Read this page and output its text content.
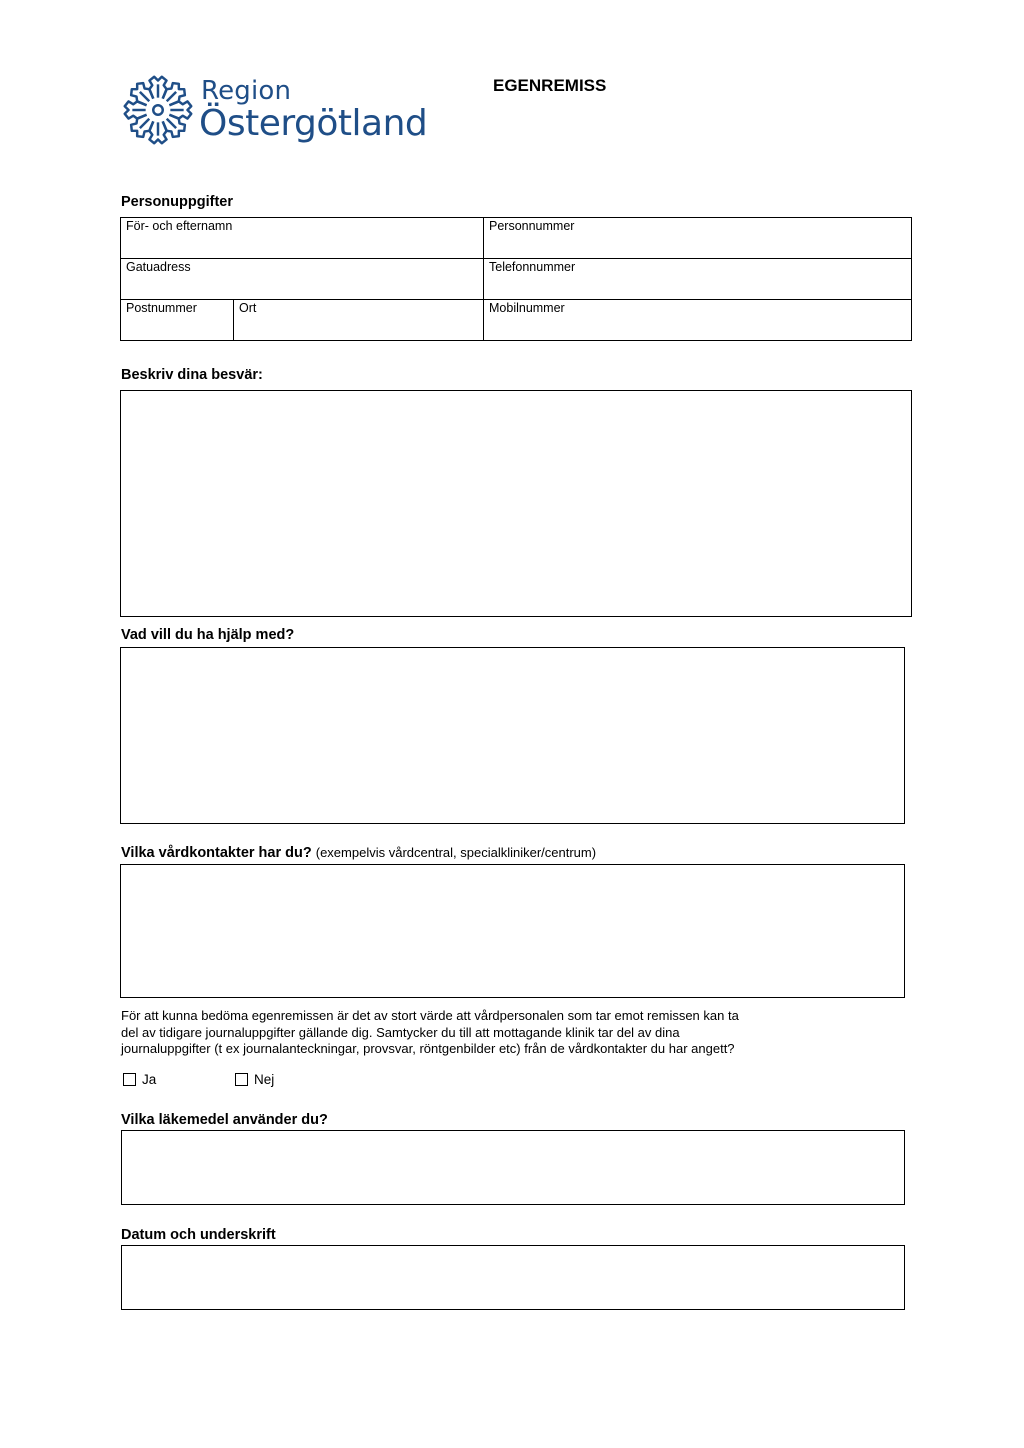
Region
Östergötland
EGENREMISS
Personuppgifter
För- och efternamn	Personnummer
Gatuadress	Telefonnummer
Postnummer	Ort	Mobilnummer
Beskriv dina besvär:
Vad vill du ha hjälp med?
Vilka vårdkontakter har du? (exempelvis vårdcentral, specialkliniker/centrum)
För att kunna bedöma egenremissen är det av stort värde att vårdpersonalen som tar emot remissen kan ta
del av tidigare journaluppgifter gällande dig. Samtycker du till att mottagande klinik tar del av dina
journaluppgifter (t ex journalanteckningar, provsvar, röntgenbilder etc) från de vårdkontakter du har angett?
Ja	Nej
Vilka läkemedel använder du?
Datum och underskrift
